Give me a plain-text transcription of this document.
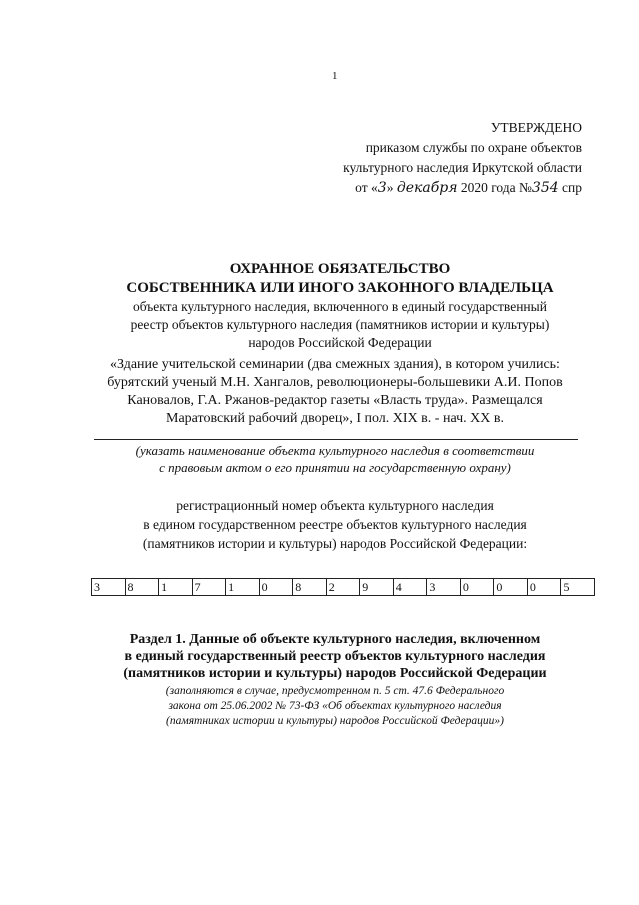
1
УТВЕРЖДЕНО
приказом службы по охране объектов
культурного наследия Иркутской области
от «3» декабря 2020 года №354 спр
ОХРАННОЕ ОБЯЗАТЕЛЬСТВО
СОБСТВЕННИКА ИЛИ ИНОГО ЗАКОННОГО ВЛАДЕЛЬЦА
объекта культурного наследия, включенного в единый государственный
реестр объектов культурного наследия (памятников истории и культуры)
народов Российской Федерации
«Здание учительской семинарии (два смежных здания), в котором учились:
бурятский ученый М.Н. Хангалов, революционеры-большевики А.И. Попов
Кановалов, Г.А. Ржанов-редактор газеты «Власть труда». Размещался
Маратовский рабочий дворец», I пол. XIX в. - нач. XX в.
(указать наименование объекта культурного наследия в соответствии
с правовым актом о его принятии на государственную охрану)
регистрационный номер объекта культурного наследия
в едином государственном реестре объектов культурного наследия
(памятников истории и культуры) народов Российской Федерации:
3	8	1	7	1	0	8	2	9	4	3	0	0	0	5
Раздел 1. Данные об объекте культурного наследия, включенном
в единый государственный реестр объектов культурного наследия
(памятников истории и культуры) народов Российской Федерации
(заполняются в случае, предусмотренном п. 5 ст. 47.6 Федерального
закона от 25.06.2002 № 73-ФЗ «Об объектах культурного наследия
(памятниках истории и культуры) народов Российской Федерации»)
